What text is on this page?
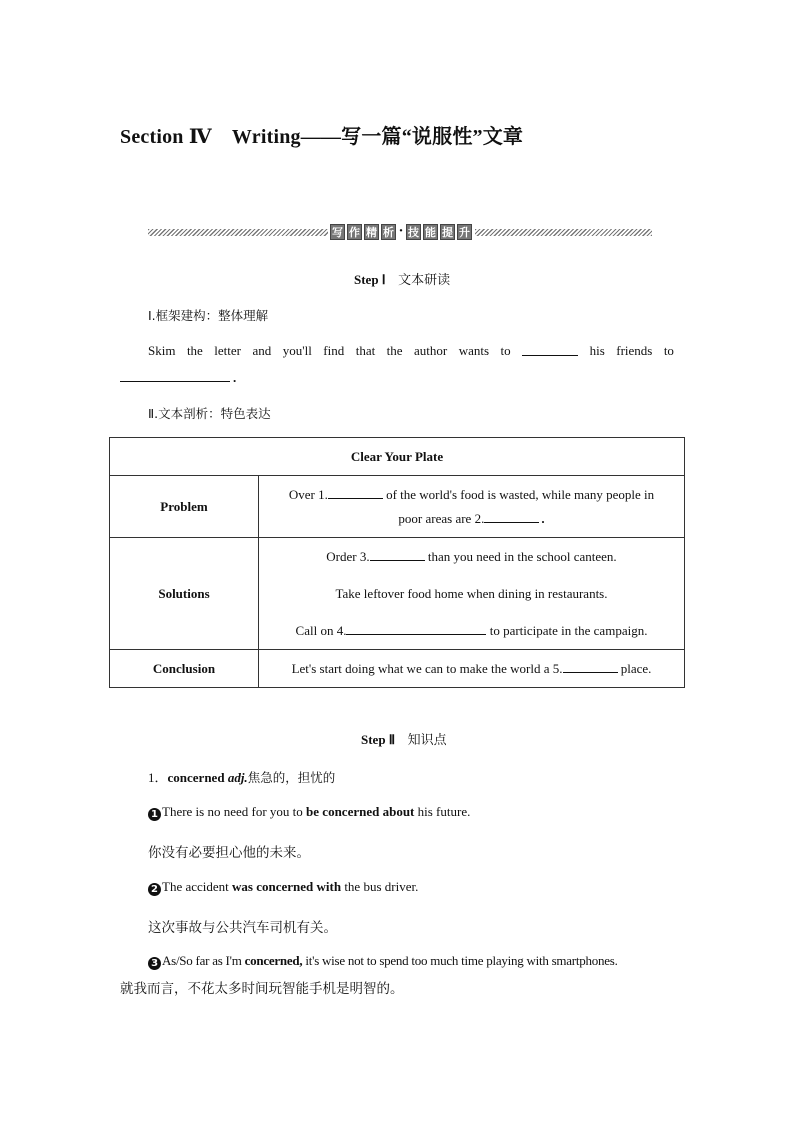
Section Ⅳ　Writing——写一篇“说服性”文章
写 作 精 析 · 技 能 提 升
Step Ⅰ 文本研读
Ⅰ.框架建构：整体理解
Skim the letter and you'll find that the author wants to	his friends to
.
Ⅱ.文本剖析：特色表达
Clear Your Plate	
Problem	Over 1. of the world's food is wasted, while many people in

poor areas are 2. .

Solutions	Order 3. than you need in the school canteen.

Take leftover food home when dining in restaurants.

Call on 4. to participate in the campaign.

Conclusion	Let's start doing what we can to make the world a 5. place.
Step Ⅱ 知识点
1．concerned adj.焦急的，担忧的
1 There is no need for you to be concerned about his future.
你没有必要担心他的未来。
2 The accident was concerned with the bus driver.
这次事故与公共汽车司机有关。
3 As/So far as I'm concerned, it's wise not to spend too much time playing with smartphones.
就我而言，不花太多时间玩智能手机是明智的。
